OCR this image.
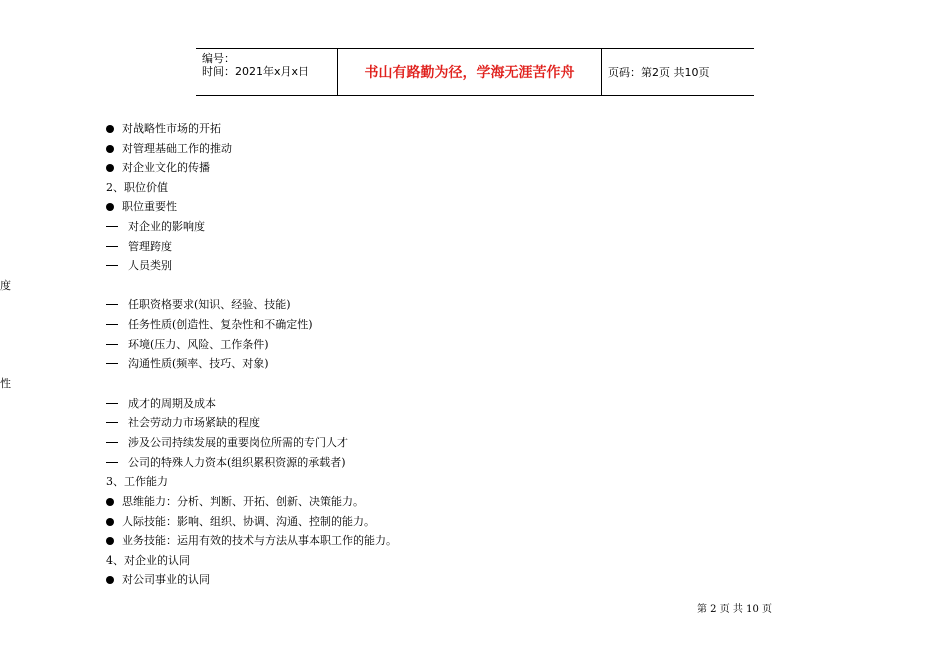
编号：
时间：2021年x月x日	书山有路勤为径，学海无涯苦作舟	页码：第2页 共10页
对战略性市场的开拓
对管理基础工作的推动
对企业文化的传播
2、职位价值
职位重要性
对企业的影响度
管理跨度
人员类别
度
任职资格要求(知识、经验、技能)
任务性质(创造性、复杂性和不确定性)
环境(压力、风险、工作条件)
沟通性质(频率、技巧、对象)
性
成才的周期及成本
社会劳动力市场紧缺的程度
涉及公司持续发展的重要岗位所需的专门人才
公司的特殊人力资本(组织累积资源的承载者)
3、工作能力
思维能力：分析、判断、开拓、创新、决策能力。
人际技能：影响、组织、协调、沟通、控制的能力。
业务技能：运用有效的技术与方法从事本职工作的能力。
4、对企业的认同
对公司事业的认同
第 2 页 共 10 页
